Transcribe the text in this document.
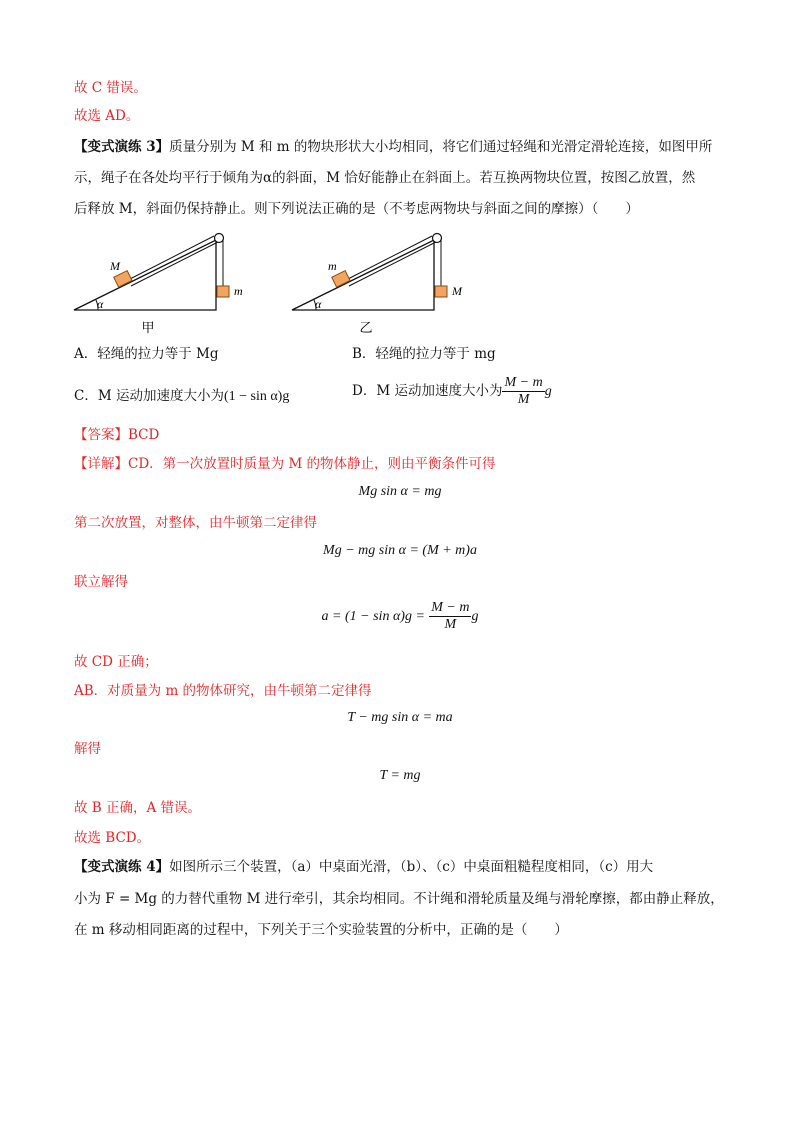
故 C 错误。
故选 AD。
【变式演练 3】质量分别为 M 和 m 的物块形状大小均相同，将它们通过轻绳和光滑定滑轮连接，如图甲所
示，绳子在各处均平行于倾角为α的斜面，M 恰好能静止在斜面上。若互换两物块位置，按图乙放置，然
后释放 M，斜面仍保持静止。则下列说法正确的是（不考虑两物块与斜面之间的摩擦）（　　）
α
M
m
甲
α
m
M
乙
A．轻绳的拉力等于 Mg	B．轻绳的拉力等于 mg
C．M 运动加速度大小为(1 − sin α)g	D．M 运动加速度大小为 $\frac{M - m}{M}$ g
【答案】BCD
【详解】CD．第一次放置时质量为 M 的物体静止，则由平衡条件可得
Mg sin α = mg
第二次放置，对整体，由牛顿第二定律得
Mg − mg sin α = (M + m)a
联立解得
$a = (1 - \sin \alpha)g = \frac{M - m}{M}$ g
故 CD 正确；
AB．对质量为 m 的物体研究，由牛顿第二定律得
T − mg sin α = ma
解得
T = mg
故 B 正确，A 错误。
故选 BCD。
【变式演练 4】如图所示三个装置，（a）中桌面光滑，（b）、（c）中桌面粗糙程度相同，（c）用大
小为 F = Mg 的力替代重物 M 进行牵引，其余均相同。不计绳和滑轮质量及绳与滑轮摩擦，都由静止释放，
在 m 移动相同距离的过程中，下列关于三个实验装置的分析中，正确的是（　　）
